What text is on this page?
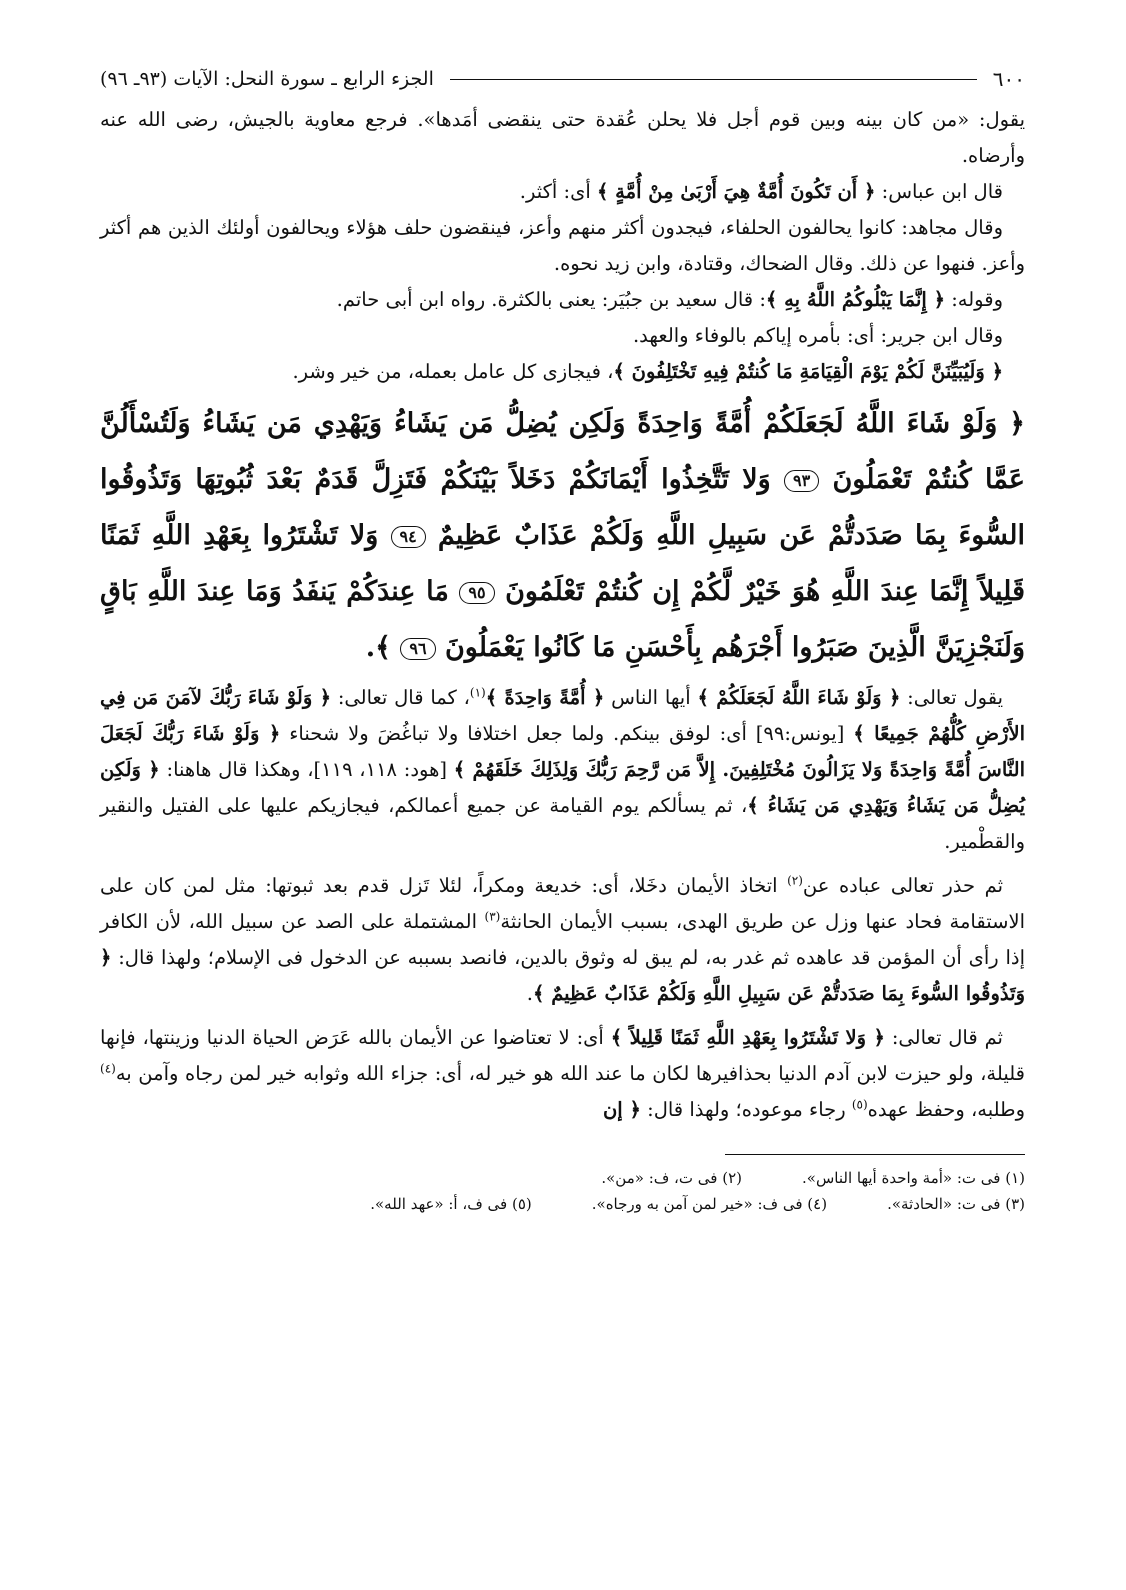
٦٠٠
الجزء الرابع ـ سورة النحل: الآيات (٩٣ـ ٩٦)

يقول: «من كان بينه وبين قوم أجل فلا يحلن عُقدة حتى ينقضى أمَدها». فرجع معاوية بالجيش، رضى الله عنه وأرضاه.

قال ابن عباس: ﴿ أَن تَكُونَ أُمَّةٌ هِيَ أَرْبَىٰ مِنْ أُمَّةٍ ﴾ أى: أكثر.

وقال مجاهد: كانوا يحالفون الحلفاء، فيجدون أكثر منهم وأعز، فينقضون حلف هؤلاء ويحالفون أولئك الذين هم أكثر وأعز. فنهوا عن ذلك. وقال الضحاك، وقتادة، وابن زيد نحوه.

وقوله: ﴿ إِنَّمَا يَبْلُوكُمُ اللَّهُ بِهِ ﴾: قال سعيد بن جبُيَر: يعنى بالكثرة. رواه ابن أبى حاتم.

وقال ابن جرير: أى: بأمره إياكم بالوفاء والعهد.

﴿ وَلَيُبَيِّنَنَّ لَكُمْ يَوْمَ الْقِيَامَةِ مَا كُنتُمْ فِيهِ تَخْتَلِفُونَ ﴾، فيجازى كل عامل بعمله، من خير وشر.

﴿ وَلَوْ شَاءَ اللَّهُ لَجَعَلَكُمْ أُمَّةً وَاحِدَةً وَلَكِن يُضِلُّ مَن يَشَاءُ وَيَهْدِي مَن يَشَاءُ وَلَتُسْأَلُنَّ عَمَّا كُنتُمْ تَعْمَلُونَ ٩٣ وَلا تَتَّخِذُوا أَيْمَانَكُمْ دَخَلاً بَيْنَكُمْ فَتَزِلَّ قَدَمٌ بَعْدَ ثُبُوتِهَا وَتَذُوقُوا السُّوءَ بِمَا صَدَدتُّمْ عَن سَبِيلِ اللَّهِ وَلَكُمْ عَذَابٌ عَظِيمٌ ٩٤ وَلا تَشْتَرُوا بِعَهْدِ اللَّهِ ثَمَنًا قَلِيلاً إِنَّمَا عِندَ اللَّهِ هُوَ خَيْرٌ لَّكُمْ إِن كُنتُمْ تَعْلَمُونَ ٩٥ مَا عِندَكُمْ يَنفَدُ وَمَا عِندَ اللَّهِ بَاقٍ وَلَنَجْزِيَنَّ الَّذِينَ صَبَرُوا أَجْرَهُم بِأَحْسَنِ مَا كَانُوا يَعْمَلُونَ ٩٦ ﴾.

يقول تعالى: ﴿ وَلَوْ شَاءَ اللَّهُ لَجَعَلَكُمْ ﴾ أيها الناس ﴿ أُمَّةً وَاحِدَةً ﴾$^{(١)}$، كما قال تعالى: ﴿ وَلَوْ شَاءَ رَبُّكَ لآمَنَ مَن فِي الأَرْضِ كُلُّهُمْ جَمِيعًا ﴾ [يونس:٩٩] أى: لوفق بينكم. ولما جعل اختلافا ولا تباغُضَ ولا شحناء ﴿ وَلَوْ شَاءَ رَبُّكَ لَجَعَلَ النَّاسَ أُمَّةً وَاحِدَةً وَلا يَزَالُونَ مُخْتَلِفِينَ. إِلاَّ مَن رَّحِمَ رَبُّكَ وَلِذَلِكَ خَلَقَهُمْ ﴾ [هود: ١١٨، ١١٩]، وهكذا قال هاهنا: ﴿ وَلَكِن يُضِلُّ مَن يَشَاءُ وَيَهْدِي مَن يَشَاءُ ﴾، ثم يسألكم يوم القيامة عن جميع أعمالكم، فيجازيكم عليها على الفتيل والنقير والقطْمير.

ثم حذر تعالى عباده عن$^{(٢)}$ اتخاذ الأيمان دخَلا، أى: خديعة ومكراً، لئلا تَزل قدم بعد ثبوتها: مثل لمن كان على الاستقامة فحاد عنها وزل عن طريق الهدى، بسبب الأيمان الحانثة$^{(٣)}$ المشتملة على الصد عن سبيل الله، لأن الكافر إذا رأى أن المؤمن قد عاهده ثم غدر به، لم يبق له وثوق بالدين، فانصد بسببه عن الدخول فى الإسلام؛ ولهذا قال: ﴿ وَتَذُوقُوا السُّوءَ بِمَا صَدَدتُّمْ عَن سَبِيلِ اللَّهِ وَلَكُمْ عَذَابٌ عَظِيمٌ ﴾.

ثم قال تعالى: ﴿ وَلا تَشْتَرُوا بِعَهْدِ اللَّهِ ثَمَنًا قَلِيلاً ﴾ أى: لا تعتاضوا عن الأيمان بالله عَرَض الحياة الدنيا وزينتها، فإنها قليلة، ولو حيزت لابن آدم الدنيا بحذافيرها لكان ما عند الله هو خير له، أى: جزاء الله وثوابه خير لمن رجاه وآمن به$^{(٤)}$ وطلبه، وحفظ عهده$^{(٥)}$ رجاء موعوده؛ ولهذا قال: ﴿ إن

(١) فى ت: «أمة واحدة أيها الناس».
(٢) فى ت، ف: «من».
(٣) فى ت: «الحادثة».
(٤) فى ف: «خير لمن آمن به ورجاه».
(٥) فى ف، أ: «عهد الله».
